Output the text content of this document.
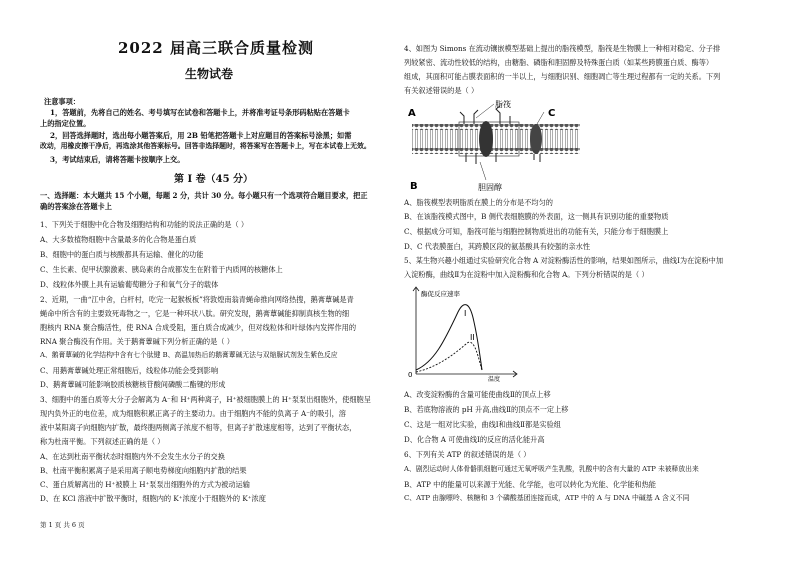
2022 届高三联合质量检测
生物试卷
注意事项：
1，答题前，先将自己的姓名、考号填写在试卷和答题卡上，并将准考证号条形码粘贴在答题卡
上的指定位置。
2，回答选择题时，选出每小题答案后，用 2B 铅笔把答题卡上对应题目的答案标号涂黑；如需
改动，用橡皮擦干净后，再选涂其他答案标号。回答非选择题时，将答案写在答题卡上，写在本试卷上无效。
3，考试结束后，请将答题卡按顺序上交。
第 I 卷（45 分）
一、选择题：本大题共 15 个小题，每题 2 分，共计 30 分。每小题只有一个选项符合题目要求，把正
确的答案涂在答题卡上
1、下列关于细胞中化合物及细胞结构和功能的说法正确的是（ ）
A、大多数植物细胞中含量最多的化合物是蛋白质
B、细胞中的蛋白质与核酸都具有运输、催化的功能
C、生长素、促甲状腺激素、胰岛素的合成都发生在附着于内质网的核糖体上
D、线粒体外膜上具有运输葡萄糖分子和氧气分子的载体
2、近期，一曲“江中舍，白杆村，吃完一起猴板板”将敦煌南翁青蝇命推向网络热搜，鹅膏蕈碱是青
蝇命中所含有的主要致死毒物之一，它是一种环状八肽。研究发现，鹅膏蕈碱能抑制真核生物的细
胞核内 RNA 聚合酶活性，使 RNA 合成受阻，蛋白质合成减少，但对线粒体和叶绿体内发挥作用的
RNA 聚合酶没有作用。关于鹅膏蕈碱下列分析正确的是（ ）
A、鹅膏蕈碱的化学结构中含有七个肽键 B、高温加热后的鹅膏蕈碱无法与双缩脲试剂发生紫色反应
C、用鹅膏蕈碱处理正常细胞后，线粒体功能会受到影响
D、鹅膏蕈碱可能影响胶质核糖核苷酸间磷酸二酯键的形成
3、细胞中的蛋白质等大分子会解离为 A⁻和 H⁺两种离子，H⁺被细胞膜上的 H⁺泵泵出细胞外，使细胞呈
现内负外正的电位差，成为细胞积累正离子的主要动力。由于细胞内不能的负离子 A⁻的吸引，溶
液中某阳离子向细胞内扩散，最终胞两侧离子浓度不相等，但离子扩散速度相等，达到了平衡状态，
称为杜南平衡。下列叙述正确的是（ ）
A、在达到杜南平衡状态时细胞内外不会发生水分子的交换
B、杜南平衡积累离子是采用离子顺电势梯度向细胞内扩散的结果
C、蛋白质解离出的 H⁺被膜上 H⁺泵泵出细胞外的方式为被动运输
D、在 KCl 溶液中扩散平衡时，细胞内的 K⁺浓度小于细胞外的 K⁺浓度
4、如图为 Simons 在流动镶嵌模型基础上提出的脂筏模型，脂筏是生物膜上一种相对稳定、分子排
列较紧密、流动性较低的结构，由糖脂、磷脂和胆固醇及特殊蛋白质（如某些跨膜蛋白质、酶等）
组成，其面积可能占膜表面积的一半以上，与细胞识别、细胞凋亡等生理过程都有一定的关系。下列
有关叙述错误的是（ ）
A
脂筏
C
B	胆固醇
A、脂筏模型表明脂质在膜上的分布是不均匀的
B、在该脂筏模式图中，B 侧代表细胞膜的外表面，这一侧具有识别功能的重要物质
C、根据成分可知，脂筏可能与细胞控制物质进出的功能有关，只能分布于细胞膜上
D、C 代表膜蛋白，其跨膜区段的氨基酸具有较强的亲水性
5、某生物兴趣小组通过实验研究化合物 A 对淀粉酶活性的影响，结果如图所示，曲线Ⅰ为在淀粉中加
入淀粉酶，曲线Ⅱ为在淀粉中加入淀粉酶和化合物 A。下列分析错误的是（ ）
酶促反应速率
温度
0
I
II
A、改变淀粉酶的含量可能使曲线Ⅱ的顶点上移
B、若底物溶液的 pH 升高,曲线Ⅱ的顶点不一定上移
C、这是一组对比实验，曲线Ⅰ和曲线Ⅱ都是实验组
D、化合物 A 可使曲线Ⅰ的反应的活化能升高
6、下列有关 ATP 的叙述错误的是（ ）
A、剧烈运动时人体骨骼肌细胞可通过无氧呼吸产生乳酸，乳酸中的含有大量的 ATP 未被释放出来
B、ATP 中的能量可以来源于光能、化学能，也可以转化为光能、化学能和热能
C、ATP 由腺嘌呤、核糖和 3 个磷酸基团连接而成，ATP 中的 A 与 DNA 中碱基 A 含义不同
第 1 页 共 6 页
